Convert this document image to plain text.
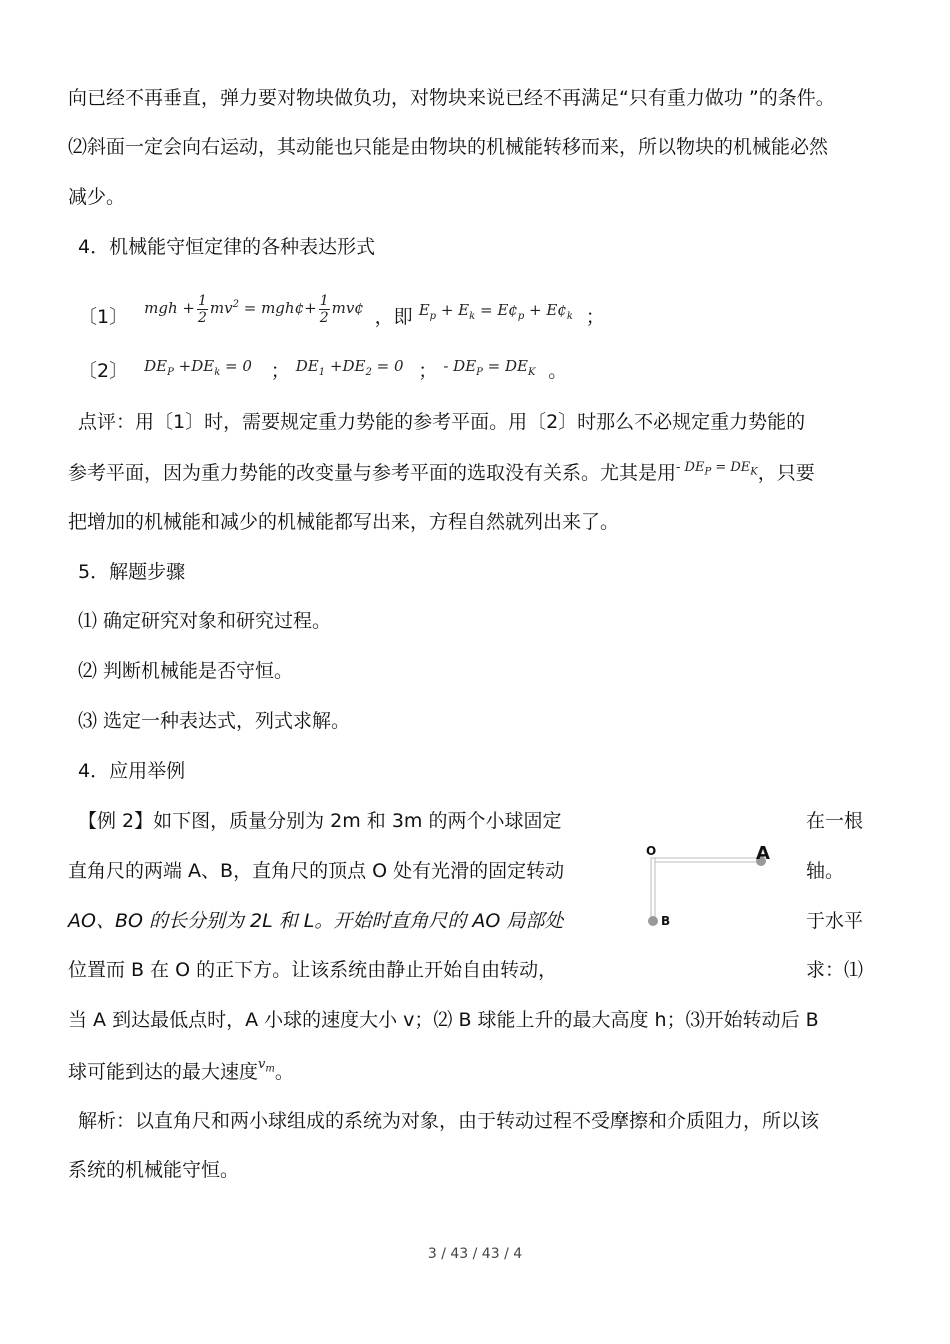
向已经不再垂直，弹力要对物块做负功，对物块来说已经不再满足“只有重力做功 ”的条件。
⑵斜面一定会向右运动，其动能也只能是由物块的机械能转移而来，所以物块的机械能必然
减少。
4．机械能守恒定律的各种表达形式
〔1〕 $^{mgh + \frac{1}{2} mv^2 = mgh¢+ \frac{1}{2} mv¢}$ ，即 $^{E_p + E_k = E¢_p + E¢_k}$ ；
〔2〕 $^{DE_P +DE_k = 0}$ ； $^{DE_1 +DE_2 = 0}$ ； $^{- DE_P = DE_K}$ 。
点评：用〔1〕时，需要规定重力势能的参考平面。用〔2〕时那么不必规定重力势能的
参考平面，因为重力势能的改变量与参考平面的选取没有关系。尤其是用$^{- DE_P = DE_K}$，只要
把增加的机械能和减少的机械能都写出来，方程自然就列出来了。
5．解题步骤
⑴ 确定研究对象和研究过程。
⑵ 判断机械能是否守恒。
⑶ 选定一种表达式，列式求解。
4．应用举例
【例 2】如下图，质量分别为 2m 和 3m 的两个小球固定	在一根
直角尺的两端 A、B，直角尺的顶点 O 处有光滑的固定转动	轴。
AO、BO 的长分别为 2L 和 L。开始时直角尺的 AO 局部处	于水平
位置而 B 在 O 的正下方。让该系统由静止开始自由转动，	求：⑴
当 A 到达最低点时，A 小球的速度大小 v；⑵ B 球能上升的最大高度 h；⑶开始转动后 B
球可能到达的最大速度$^{v_m}$。
O	A
B
解析：以直角尺和两小球组成的系统为对象，由于转动过程不受摩擦和介质阻力，所以该
系统的机械能守恒。
3 / 43 / 43 / 4
